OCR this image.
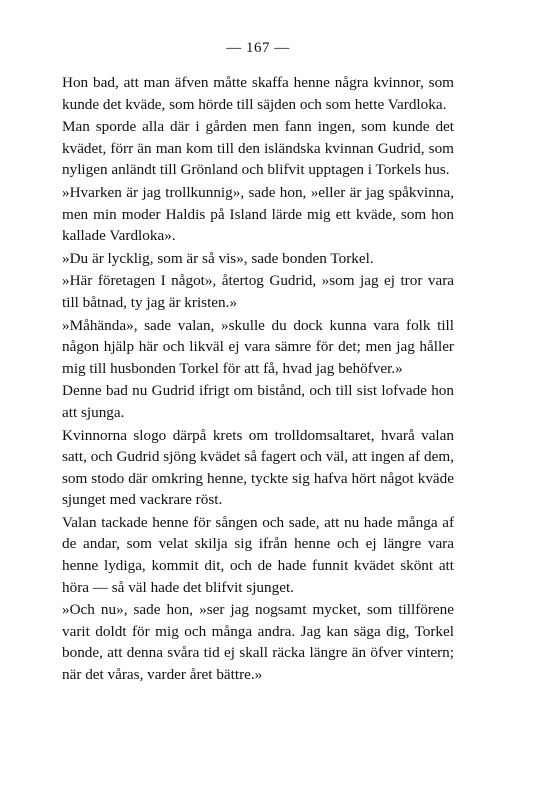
— 167 —

Hon bad, att man äfven måtte skaffa henne några kvinnor, som kunde det kväde, som hörde till säjden och som hette Vardloka.

Man sporde alla där i gården men fann ingen, som kunde det kvädet, förr än man kom till den isländska kvinnan Gudrid, som nyligen anländt till Grönland och blifvit upptagen i Torkels hus.

»Hvarken är jag trollkunnig», sade hon, »eller är jag spåkvinna, men min moder Haldis på Island lärde mig ett kväde, som hon kallade Vardloka».

»Du är lycklig, som är så vis», sade bonden Torkel.

»Här företagen I något», återtog Gudrid, »som jag ej tror vara till båtnad, ty jag är kristen.»

»Måhända», sade valan, »skulle du dock kunna vara folk till någon hjälp här och likväl ej vara sämre för det; men jag håller mig till husbonden Torkel för att få, hvad jag behöfver.»

Denne bad nu Gudrid ifrigt om bistånd, och till sist lofvade hon att sjunga.

Kvinnorna slogo därpå krets om trolldomsaltaret, hvarå valan satt, och Gudrid sjöng kvädet så fagert och väl, att ingen af dem, som stodo där omkring henne, tyckte sig hafva hört något kväde sjunget med vackrare röst.

Valan tackade henne för sången och sade, att nu hade många af de andar, som velat skilja sig ifrån henne och ej längre vara henne lydiga, kommit dit, och de hade funnit kvädet skönt att höra — så väl hade det blifvit sjunget.

»Och nu», sade hon, »ser jag nogsamt mycket, som tillförene varit doldt för mig och många andra. Jag kan säga dig, Torkel bonde, att denna svåra tid ej skall räcka längre än öfver vintern; när det våras, varder året bättre.»
